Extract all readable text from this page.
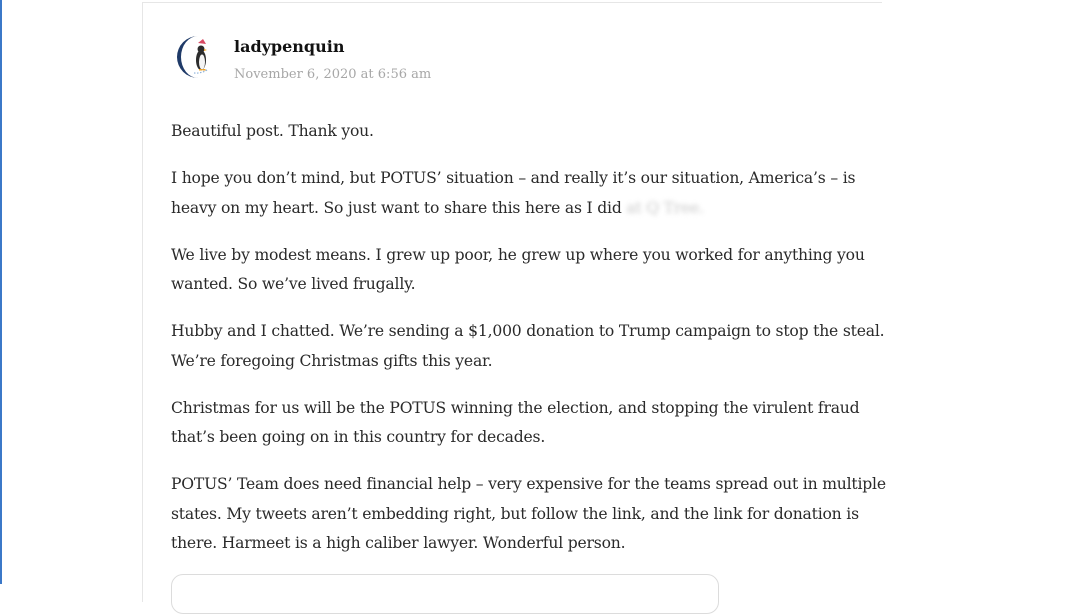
ladypenquin
November 6, 2020 at 6:56 am

Beautiful post. Thank you.

I hope you don’t mind, but POTUS’ situation – and really it’s our situation, America’s – is heavy on my heart. So just want to share this here as I did at Q Tree.

We live by modest means. I grew up poor, he grew up where you worked for anything you wanted. So we’ve lived frugally.

Hubby and I chatted. We’re sending a $1,000 donation to Trump campaign to stop the steal. We’re foregoing Christmas gifts this year.

Christmas for us will be the POTUS winning the election, and stopping the virulent fraud that’s been going on in this country for decades.

POTUS’ Team does need financial help – very expensive for the teams spread out in multiple states. My tweets aren’t embedding right, but follow the link, and the link for donation is there. Harmeet is a high caliber lawyer. Wonderful person.
